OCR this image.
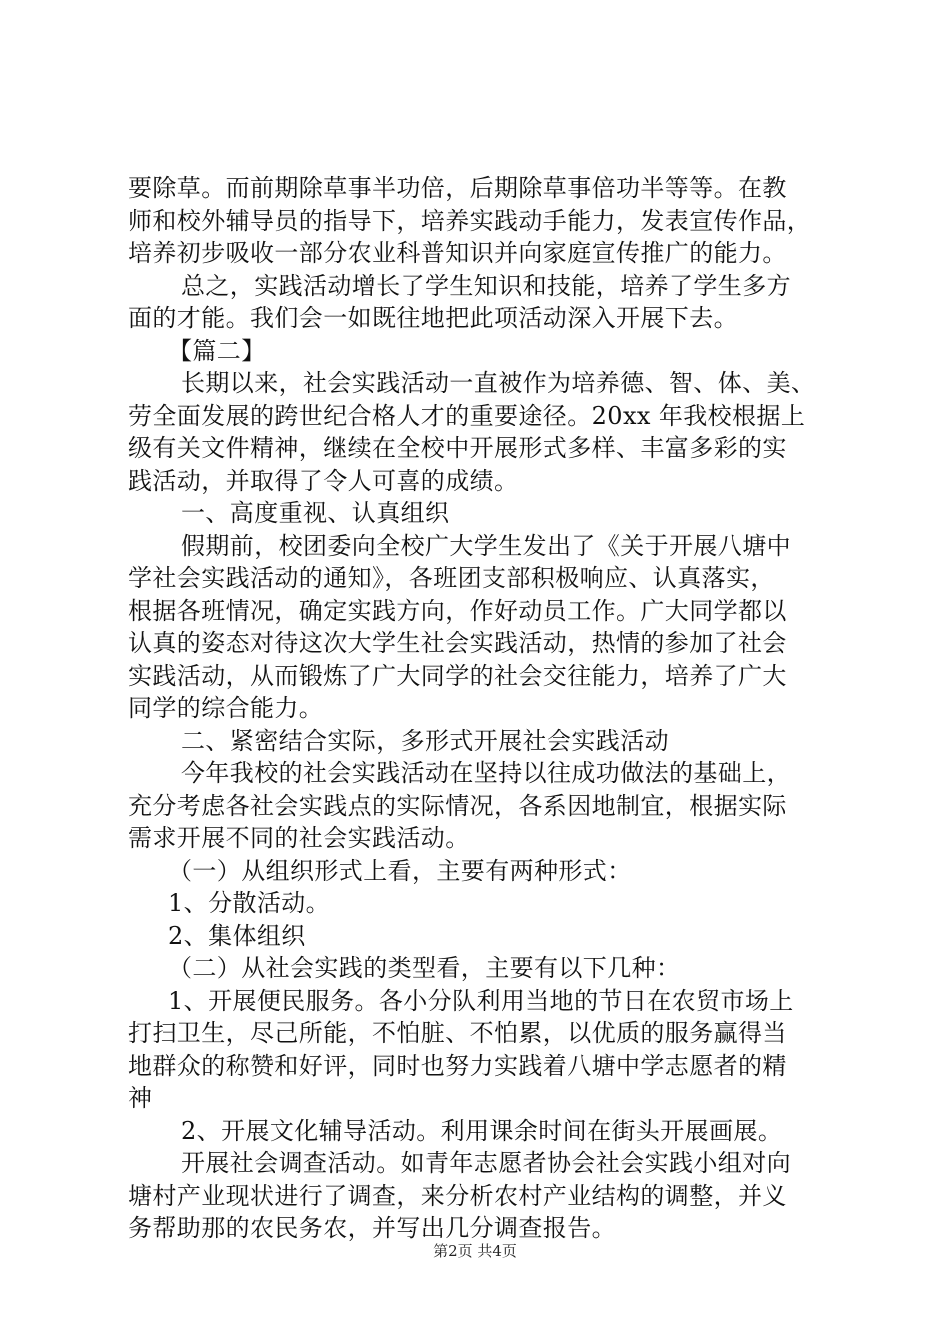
要除草。而前期除草事半功倍，后期除草事倍功半等等。在教
师和校外辅导员的指导下，培养实践动手能力，发表宣传作品，
培养初步吸收一部分农业科普知识并向家庭宣传推广的能力。
总之，实践活动增长了学生知识和技能，培养了学生多方
面的才能。我们会一如既往地把此项活动深入开展下去。
【篇二】
长期以来，社会实践活动一直被作为培养德、智、体、美、
劳全面发展的跨世纪合格人才的重要途径。20xx 年我校根据上
级有关文件精神，继续在全校中开展形式多样、丰富多彩的实
践活动，并取得了令人可喜的成绩。
一、高度重视、认真组织
假期前，校团委向全校广大学生发出了《关于开展八塘中
学社会实践活动的通知》，各班团支部积极响应、认真落实，
根据各班情况，确定实践方向，作好动员工作。广大同学都以
认真的姿态对待这次大学生社会实践活动，热情的参加了社会
实践活动，从而锻炼了广大同学的社会交往能力，培养了广大
同学的综合能力。
二、紧密结合实际，多形式开展社会实践活动
今年我校的社会实践活动在坚持以往成功做法的基础上，
充分考虑各社会实践点的实际情况，各系因地制宜，根据实际
需求开展不同的社会实践活动。
（一）从组织形式上看，主要有两种形式：
1、分散活动。
2、集体组织
（二）从社会实践的类型看，主要有以下几种：
1、开展便民服务。各小分队利用当地的节日在农贸市场上
打扫卫生，尽己所能，不怕脏、不怕累，以优质的服务赢得当
地群众的称赞和好评，同时也努力实践着八塘中学志愿者的精
神
2、开展文化辅导活动。利用课余时间在街头开展画展。
开展社会调查活动。如青年志愿者协会社会实践小组对向
塘村产业现状进行了调查，来分析农村产业结构的调整，并义
务帮助那的农民务农，并写出几分调查报告。
第2页 共4页
